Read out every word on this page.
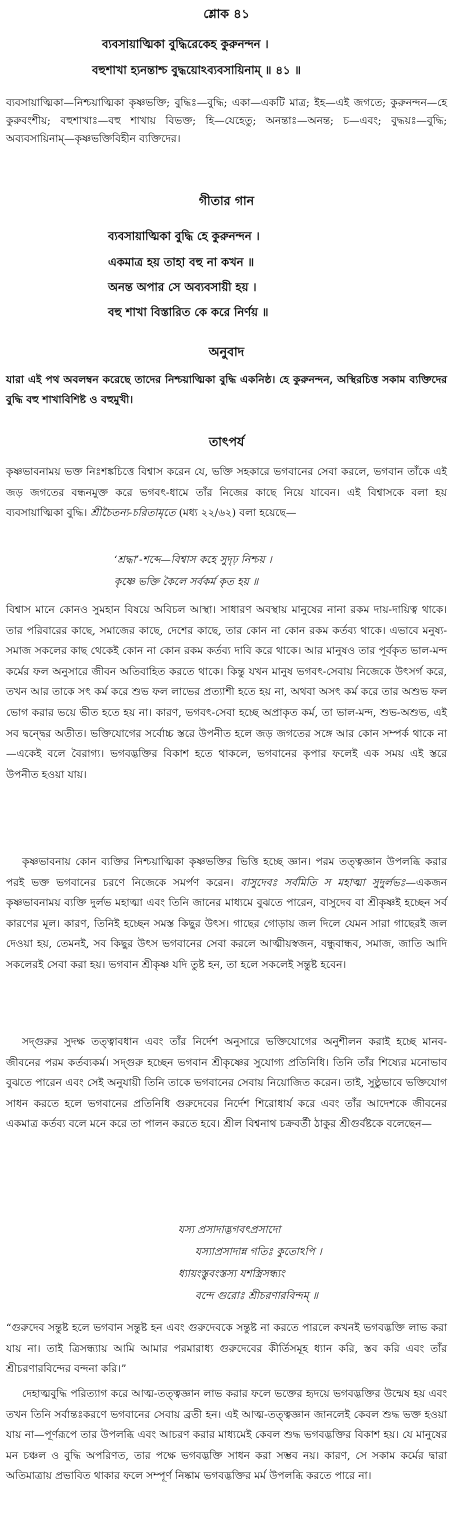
শ্লোক ৪১
ব্যবসায়াত্মিকা বুদ্ধিরেকেহ কুরুনন্দন ।
বহুশাখা হ্যনন্তাশ্চ বুদ্ধয়োঽব্যবসায়িনাম্ ॥ ৪১ ॥
ব্যবসায়াত্মিকা—নিশ্চয়াত্মিকা কৃষ্ণভক্তি; বুদ্ধিঃ—বুদ্ধি; একা—একটি মাত্র; ইহ—এই জগতে; কুরুনন্দন—হে কুরুবংশীয়; বহুশাখাঃ—বহু শাখায় বিভক্ত; হি—যেহেতু; অনন্তাঃ—অনন্ত; চ—এবং; বুদ্ধয়ঃ—বুদ্ধি; অব্যবসায়িনাম্—কৃষ্ণভক্তিবিহীন ব্যক্তিদের।
গীতার গান
ব্যবসায়াত্মিকা বুদ্ধি হে কুরুনন্দন ।
একমাত্র হয় তাহা বহু না কখন ॥
অনন্ত অপার সে অব্যবসায়ী হয় ।
বহু শাখা বিস্তারিত কে করে নির্ণয় ॥
অনুবাদ
যারা এই পথ অবলম্বন করেছে তাদের নিশ্চয়াত্মিকা বুদ্ধি একনিষ্ঠ। হে কুরুনন্দন, অস্থিরচিত্ত সকাম ব্যক্তিদের বুদ্ধি বহু শাখাবিশিষ্ট ও বহুমুখী।
তাৎপর্য
কৃষ্ণভাবনাময় ভক্ত নিঃশঙ্কচিত্তে বিশ্বাস করেন যে, ভক্তি সহকারে ভগবানের সেবা করলে, ভগবান তাঁকে এই জড় জগতের বন্ধনমুক্ত করে ভগবৎ-ধামে তাঁর নিজের কাছে নিয়ে যাবেন। এই বিশ্বাসকে বলা হয় ব্যবসায়াত্মিকা বুদ্ধি। শ্রীচৈতন্য-চরিতামৃতে (মধ্য ২২/৬২) বলা হয়েছে—
‘শ্রদ্ধা’-শব্দে—বিশ্বাস কহে সুদৃঢ় নিশ্চয় ।
কৃষ্ণে ভক্তি কৈলে সর্বকর্ম কৃত হয় ॥
বিশ্বাস মানে কোনও সুমহান বিষয়ে অবিচল আস্থা। সাধারণ অবস্থায় মানুষের নানা রকম দায়-দায়িত্ব থাকে। তার পরিবারের কাছে, সমাজের কাছে, দেশের কাছে, তার কোন না কোন রকম কর্তব্য থাকে। এভাবে মনুষ্য-সমাজ সকলের কাছ থেকেই কোন না কোন রকম কর্তব্য দাবি করে থাকে। আর মানুষও তার পূর্বকৃত ভাল-মন্দ কর্মের ফল অনুসারে জীবন অতিবাহিত করতে থাকে। কিন্তু যখন মানুষ ভগবৎ-সেবায় নিজেকে উৎসর্গ করে, তখন আর তাকে সৎ কর্ম করে শুভ ফল লাভের প্রত্যাশী হতে হয় না, অথবা অসৎ কর্ম করে তার অশুভ ফল ভোগ করার ভয়ে ভীত হতে হয় না। কারণ, ভগবৎ-সেবা হচ্ছে অপ্রাকৃত কর্ম, তা ভাল-মন্দ, শুভ-অশুভ, এই সব দ্বন্দ্বের অতীত। ভক্তিযোগের সর্বোচ্চ স্তরে উপনীত হলে জড় জগতের সঙ্গে আর কোন সম্পর্ক থাকে না—একেই বলে বৈরাগ্য। ভগবদ্ভক্তির বিকাশ হতে থাকলে, ভগবানের কৃপার ফলেই এক সময় এই স্তরে উপনীত হওয়া যায়।
কৃষ্ণভাবনায় কোন ব্যক্তির নিশ্চয়াত্মিকা কৃষ্ণভক্তির ভিত্তি হচ্ছে জ্ঞান। পরম তত্ত্বজ্ঞান উপলব্ধি করার পরই ভক্ত ভগবানের চরণে নিজেকে সমর্পণ করেন। বাসুদেবঃ সর্বমিতি স মহাত্মা সুদুর্লভঃ—একজন কৃষ্ণভাবনাময় ব্যক্তি দুর্লভ মহাত্মা এবং তিনি জানের মাধ্যমে বুঝতে পারেন, বাসুদেব বা শ্রীকৃষ্ণই হচ্ছেন সর্ব কারণের মূল। কারণ, তিনিই হচ্ছেন সমস্ত কিছুর উৎস। গাছের গোড়ায় জল দিলে যেমন সারা গাছেরই জল দেওয়া হয়, তেমনই, সব কিছুর উৎস ভগবানের সেবা করলে আত্মীয়স্বজন, বন্ধুবান্ধব, সমাজ, জাতি আদি সকলেরই সেবা করা হয়। ভগবান শ্রীকৃষ্ণ যদি তুষ্ট হন, তা হলে সকলেই সন্তুষ্ট হবেন।
সদ্‌গুরুর সুদক্ষ তত্ত্বাবধান এবং তাঁর নির্দেশ অনুসারে ভক্তিযোগের অনুশীলন করাই হচ্ছে মানব-জীবনের পরম কর্তব্যকর্ম। সদ্‌গুরু হচ্ছেন ভগবান শ্রীকৃষ্ণের সুযোগ্য প্রতিনিধি। তিনি তাঁর শিষ্যের মনোভাব বুঝতে পারেন এবং সেই অনুযায়ী তিনি তাকে ভগবানের সেবায় নিয়োজিত করেন। তাই, সুষ্ঠুভাবে ভক্তিযোগ সাধন করতে হলে ভগবানের প্রতিনিধি গুরুদেবের নির্দেশ শিরোধার্য করে এবং তাঁর আদেশকে জীবনের একমাত্র কর্তব্য বলে মনে করে তা পালন করতে হবে। শ্রীল বিশ্বনাথ চক্রবর্তী ঠাকুর শ্রীগুর্বষ্টকে বলেছেন—
যস্য প্রসাদাদ্ভগবৎপ্রসাদো
যস্যাপ্রসাদান্ন গতিঃ কুতোঽপি ।
ধ্যায়ংস্তুবংস্তস্য যশস্ত্রিসন্ধ্যং
বন্দে গুরোঃ শ্রীচরণারবিন্দম্ ॥
“গুরুদেব সন্তুষ্ট হলে ভগবান সন্তুষ্ট হন এবং গুরুদেবকে সন্তুষ্ট না করতে পারলে কখনই ভগবদ্ভক্তি লাভ করা যায় না। তাই ত্রিসন্ধ্যায় আমি আমার পরমারাধ্য গুরুদেবের কীর্তিসমূহ ধ্যান করি, স্তব করি এবং তাঁর শ্রীচরণারবিন্দের বন্দনা করি।”
দেহাত্মবুদ্ধি পরিত্যাগ করে আত্ম-তত্ত্বজ্ঞান লাভ করার ফলে ভক্তের হৃদয়ে ভগবদ্ভক্তির উন্মেষ হয় এবং তখন তিনি সর্বান্তঃকরণে ভগবানের সেবায় ব্রতী হন। এই আত্ম-তত্ত্বজ্ঞান জানলেই কেবল শুদ্ধ ভক্ত হওয়া যায় না—পূর্ণরূপে তার উপলব্ধি এবং আচরণ করার মাধ্যমেই কেবল শুদ্ধ ভগবদ্ভক্তির বিকাশ হয়। যে মানুষের মন চঞ্চল ও বুদ্ধি অপরিণত, তার পক্ষে ভগবদ্ভক্তি সাধন করা সম্ভব নয়। কারণ, সে সকাম কর্মের দ্বারা অতিমাত্রায় প্রভাবিত থাকার ফলে সম্পূর্ণ নিষ্কাম ভগবদ্ভক্তির মর্ম উপলব্ধি করতে পারে না।
